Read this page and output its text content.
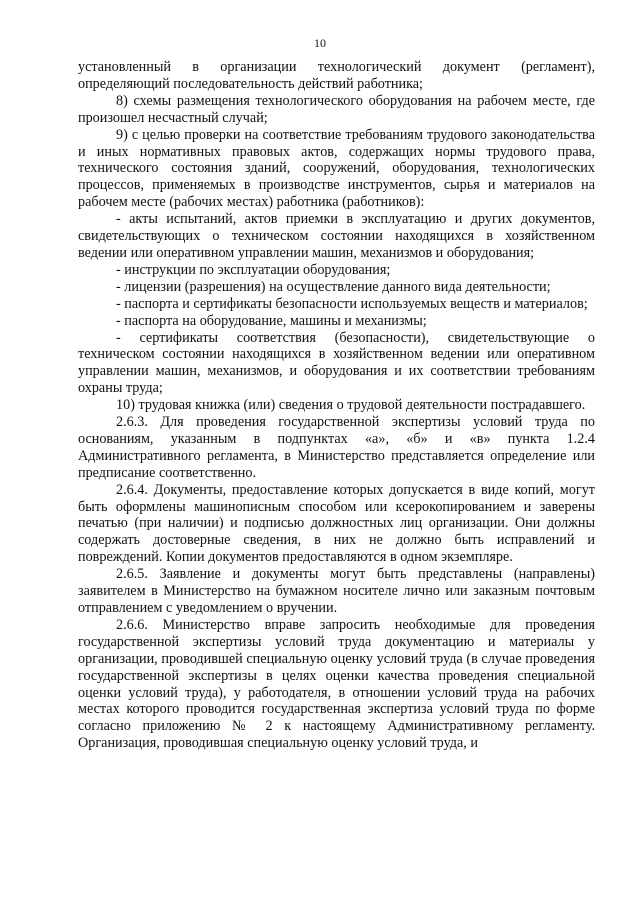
10

установленный в организации технологический документ (регламент), определяющий последовательность действий работника;

8) схемы размещения технологического оборудования на рабочем месте, где произошел несчастный случай;

9) с целью проверки на соответствие требованиям трудового законодательства и иных нормативных правовых актов, содержащих нормы трудового права, технического состояния зданий, сооружений, оборудования, технологических процессов, применяемых в производстве инструментов, сырья и материалов на рабочем месте (рабочих местах) работника (работников):

- акты испытаний, актов приемки в эксплуатацию и других документов, свидетельствующих о техническом состоянии находящихся в хозяйственном ведении или оперативном управлении машин, механизмов и оборудования;

- инструкции по эксплуатации оборудования;

- лицензии (разрешения) на осуществление данного вида деятельности;

- паспорта и сертификаты безопасности используемых веществ и материалов;

- паспорта на оборудование, машины и механизмы;

- сертификаты соответствия (безопасности), свидетельствующие о техническом состоянии находящихся в хозяйственном ведении или оперативном управлении машин, механизмов, и оборудования и их соответствии требованиям охраны труда;

10) трудовая книжка (или) сведения о трудовой деятельности пострадавшего.

2.6.3. Для проведения государственной экспертизы условий труда по основаниям, указанным в подпунктах «а», «б» и «в» пункта 1.2.4 Административного регламента, в Министерство представляется определение или предписание соответственно.

2.6.4. Документы, предоставление которых допускается в виде копий, могут быть оформлены машинописным способом или ксерокопированием и заверены печатью (при наличии) и подписью должностных лиц организации. Они должны содержать достоверные сведения, в них не должно быть исправлений и повреждений. Копии документов предоставляются в одном экземпляре.

2.6.5. Заявление и документы могут быть представлены (направлены) заявителем в Министерство на бумажном носителе лично или заказным почтовым отправлением с уведомлением о вручении.

2.6.6. Министерство вправе запросить необходимые для проведения государственной экспертизы условий труда документацию и материалы у организации, проводившей специальную оценку условий труда (в случае проведения государственной экспертизы в целях оценки качества проведения специальной оценки условий труда), у работодателя, в отношении условий труда на рабочих местах которого проводится государственная экспертиза условий труда по форме согласно приложению № 2 к настоящему Административному регламенту. Организация, проводившая специальную оценку условий труда, и
